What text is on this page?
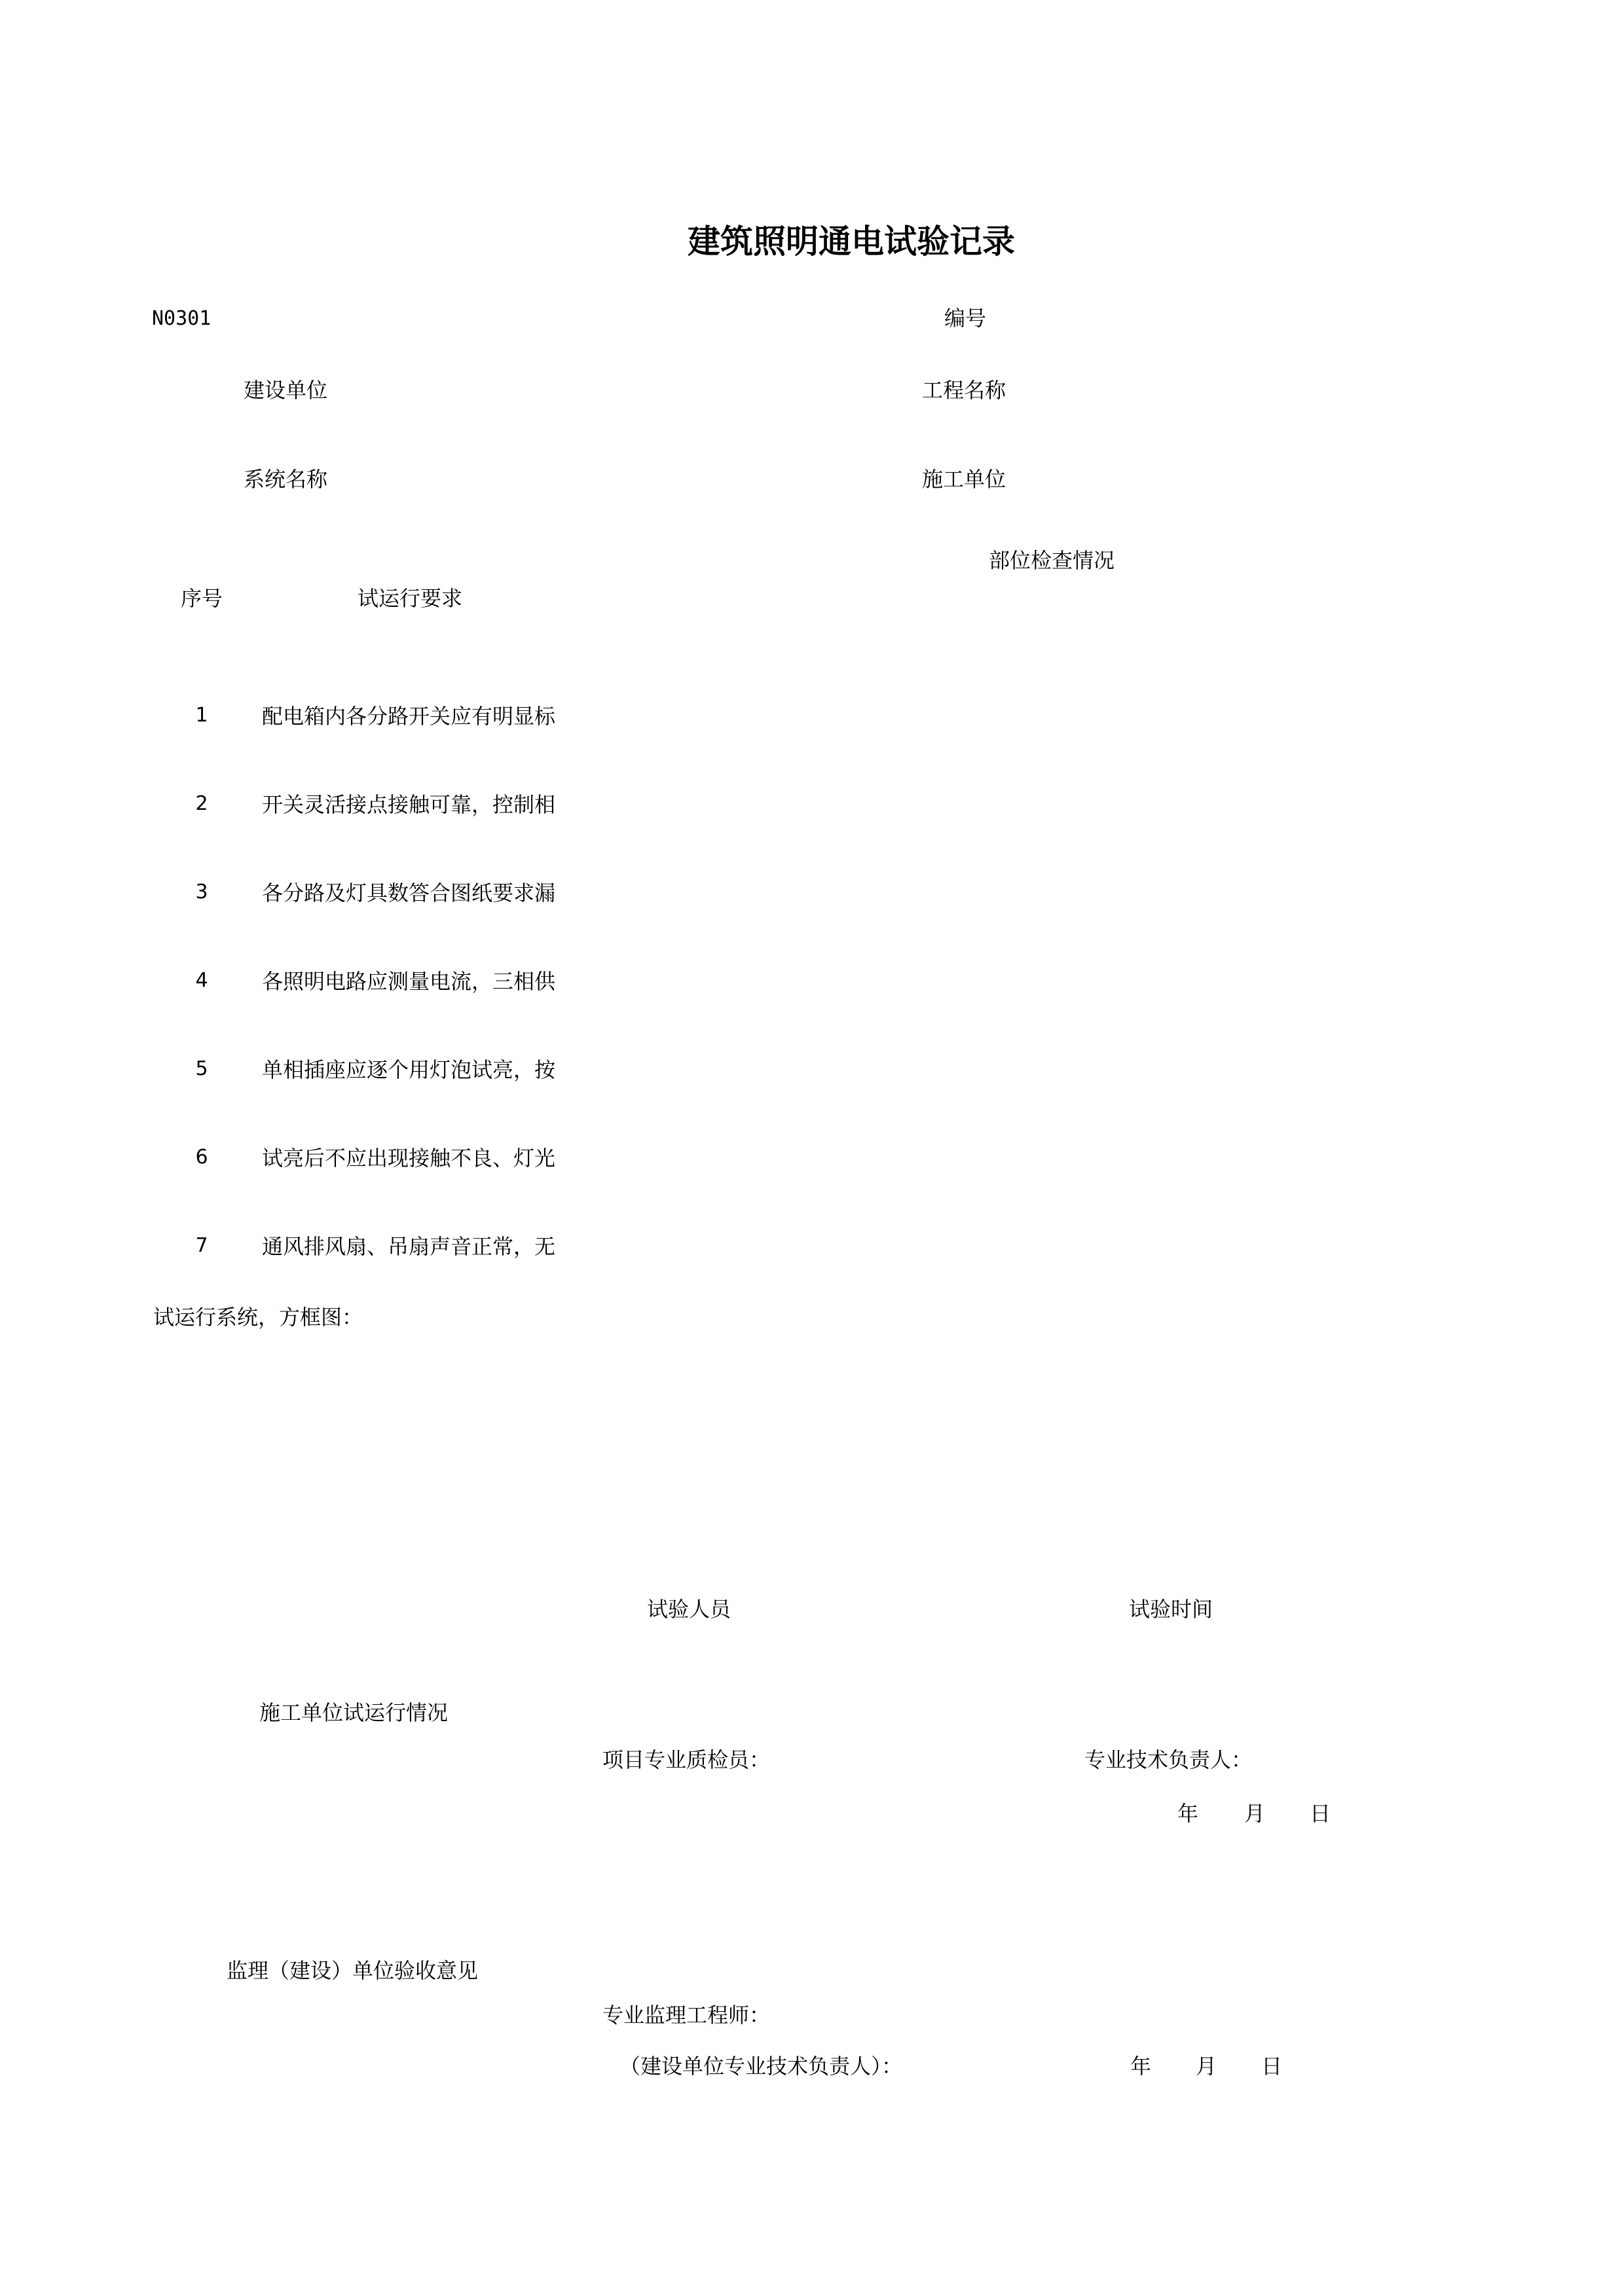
建筑照明通电试验记录
N0301	编号
建设单位	工程名称
系统名称	施工单位
序号	试运行要求
部位检查情况
1	配电箱内各分路开关应有明显标
2	开关灵活接点接触可靠，控制相
3	各分路及灯具数答合图纸要求漏
4	各照明电路应测量电流，三相供
5	单相插座应逐个用灯泡试亮，按
6	试亮后不应出现接触不良、灯光
7	通风排风扇、吊扇声音正常，无
试运行系统，方框图：
试验人员	试验时间
施工单位试运行情况
项目专业质检员：	专业技术负责人：
年 月 日
监理（建设）单位验收意见
专业监理工程师：
（建设单位专业技术负责人）：	年 月 日
